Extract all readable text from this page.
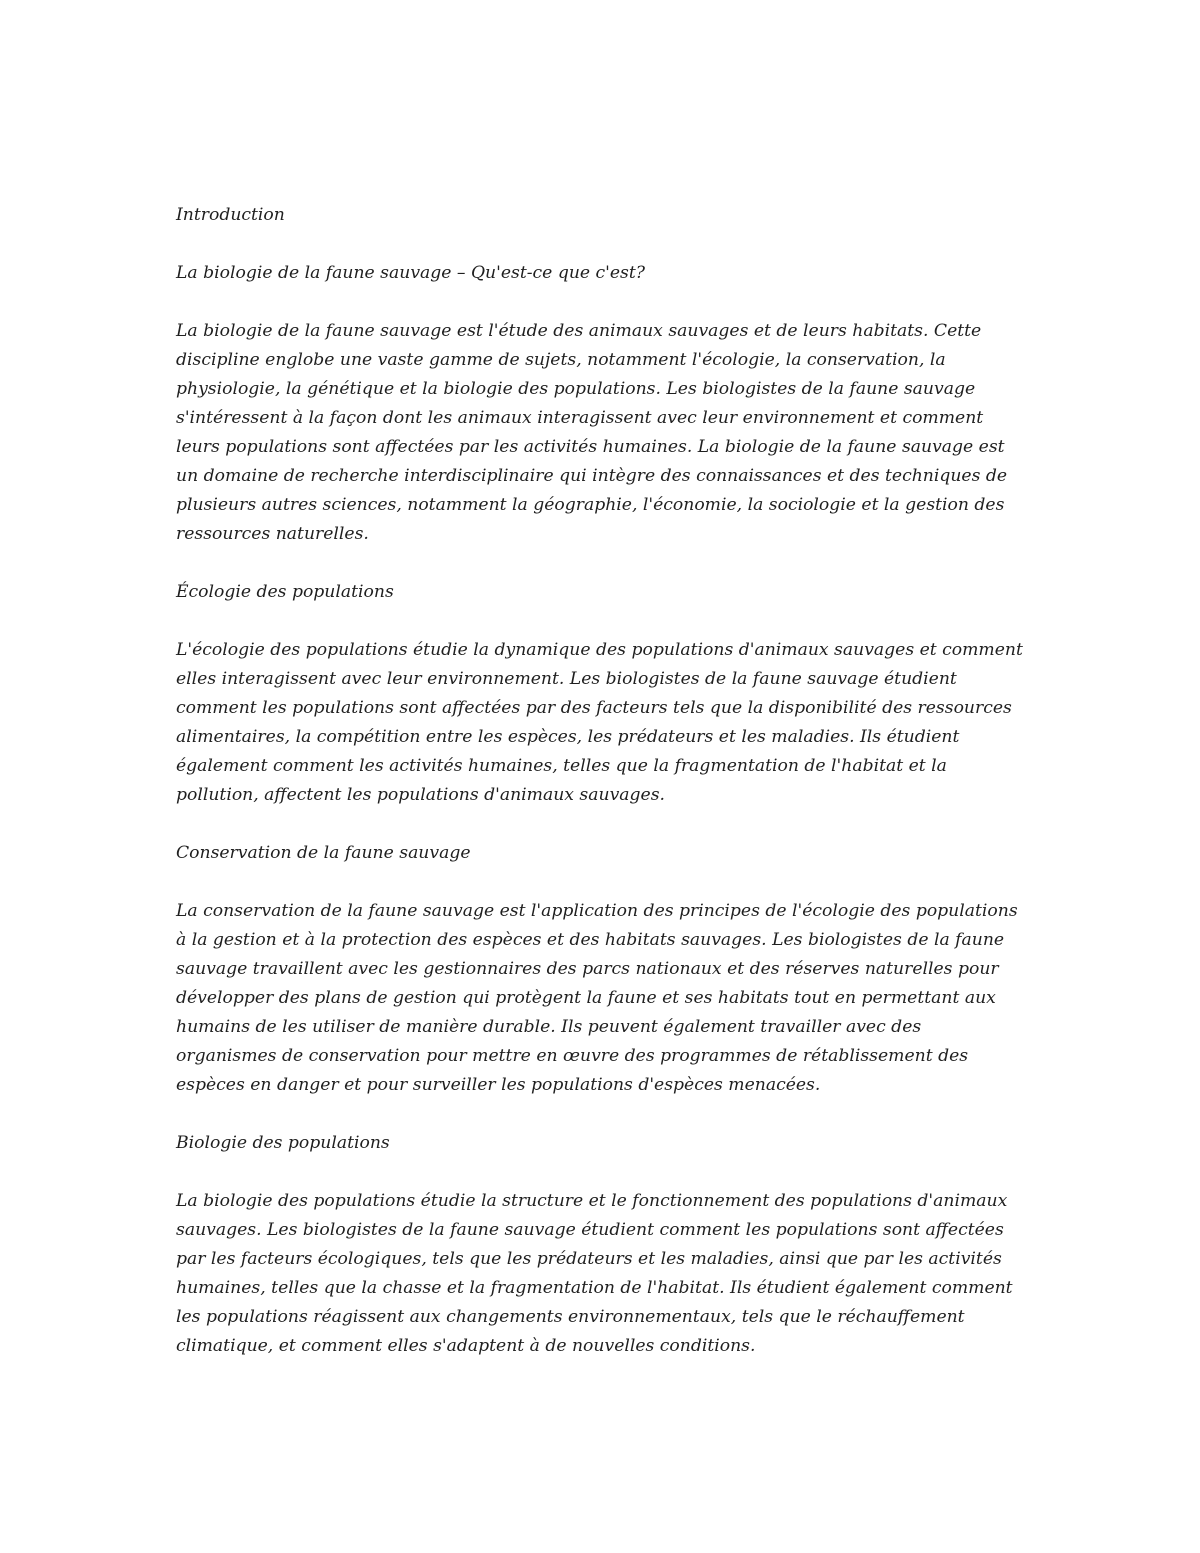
Introduction

La biologie de la faune sauvage – Qu'est-ce que c'est?

La biologie de la faune sauvage est l'étude des animaux sauvages et de leurs habitats. Cette discipline englobe une vaste gamme de sujets, notamment l'écologie, la conservation, la physiologie, la génétique et la biologie des populations. Les biologistes de la faune sauvage s'intéressent à la façon dont les animaux interagissent avec leur environnement et comment leurs populations sont affectées par les activités humaines. La biologie de la faune sauvage est un domaine de recherche interdisciplinaire qui intègre des connaissances et des techniques de plusieurs autres sciences, notamment la géographie, l'économie, la sociologie et la gestion des ressources naturelles.

Écologie des populations

L'écologie des populations étudie la dynamique des populations d'animaux sauvages et comment elles interagissent avec leur environnement. Les biologistes de la faune sauvage étudient comment les populations sont affectées par des facteurs tels que la disponibilité des ressources alimentaires, la compétition entre les espèces, les prédateurs et les maladies. Ils étudient également comment les activités humaines, telles que la fragmentation de l'habitat et la pollution, affectent les populations d'animaux sauvages.

Conservation de la faune sauvage

La conservation de la faune sauvage est l'application des principes de l'écologie des populations à la gestion et à la protection des espèces et des habitats sauvages. Les biologistes de la faune sauvage travaillent avec les gestionnaires des parcs nationaux et des réserves naturelles pour développer des plans de gestion qui protègent la faune et ses habitats tout en permettant aux humains de les utiliser de manière durable. Ils peuvent également travailler avec des organismes de conservation pour mettre en œuvre des programmes de rétablissement des espèces en danger et pour surveiller les populations d'espèces menacées.

Biologie des populations

La biologie des populations étudie la structure et le fonctionnement des populations d'animaux sauvages. Les biologistes de la faune sauvage étudient comment les populations sont affectées par les facteurs écologiques, tels que les prédateurs et les maladies, ainsi que par les activités humaines, telles que la chasse et la fragmentation de l'habitat. Ils étudient également comment les populations réagissent aux changements environnementaux, tels que le réchauffement climatique, et comment elles s'adaptent à de nouvelles conditions.
